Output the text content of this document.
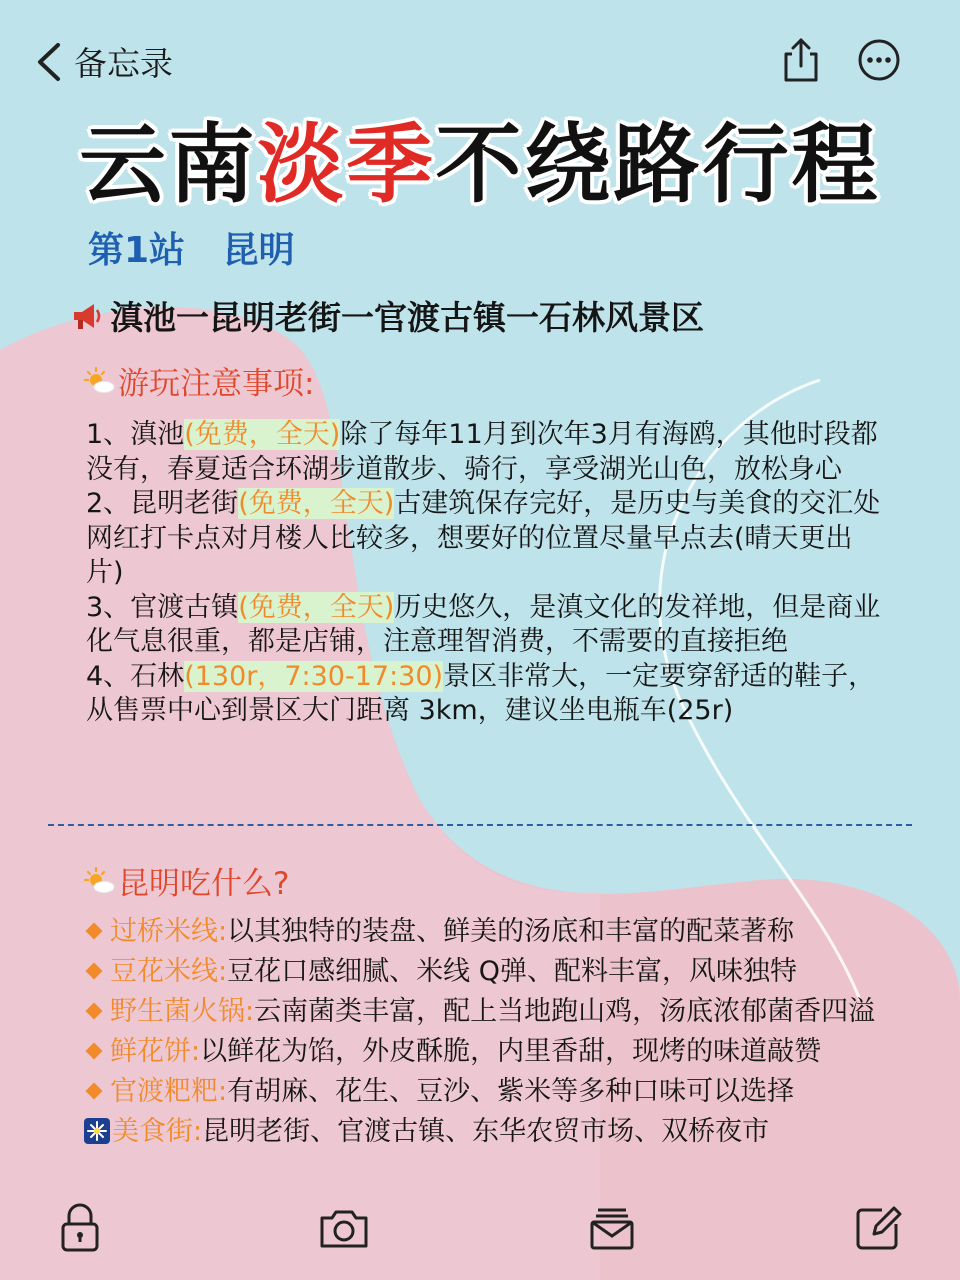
备忘录
云南淡季不绕路行程
第1站   昆明
滇池一昆明老街一官渡古镇一石林风景区
游玩注意事项:

1、滇池(免费，全天)除了每年11月到次年3月有海鸥，其他时段都没有，春夏适合环湖步道散步、骑行，享受湖光山色，放松身心

2、昆明老街(免费，全天)古建筑保存完好，是历史与美食的交汇处网红打卡点对月楼人比较多，想要好的位置尽量早点去(晴天更出片)

3、官渡古镇(免费，全天)历史悠久，是滇文化的发祥地，但是商业化气息很重，都是店铺，注意理智消费，不需要的直接拒绝

4、石林(130r，7:30-17:30)景区非常大，一定要穿舒适的鞋子，从售票中心到景区大门距离 3km，建议坐电瓶车(25r)

昆明吃什么?

过桥米线:以其独特的装盘、鲜美的汤底和丰富的配菜著称

豆花米线:豆花口感细腻、米线 Q弹、配料丰富，风味独特

野生菌火锅:云南菌类丰富，配上当地跑山鸡，汤底浓郁菌香四溢

鲜花饼:以鲜花为馅，外皮酥脆，内里香甜，现烤的味道敲赞

官渡粑粑:有胡麻、花生、豆沙、紫米等多种口味可以选择

美食街:昆明老街、官渡古镇、东华农贸市场、双桥夜市
